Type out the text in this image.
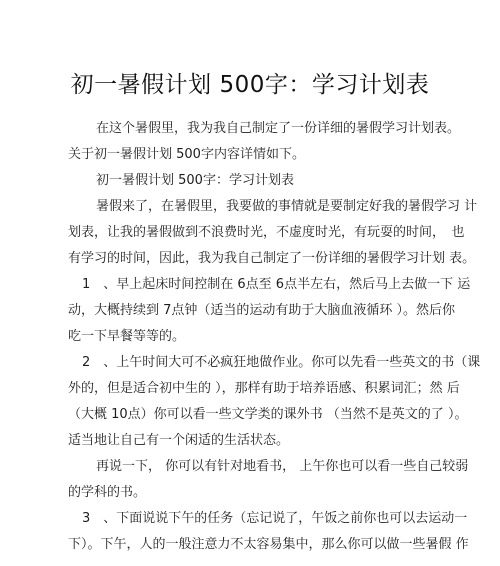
初一暑假计划 500字：学习计划表
在这个暑假里，我为我自己制定了一份详细的暑假学习计划表。
关于初一暑假计划 500字内容详情如下。
初一暑假计划 500字：学习计划表
暑假来了，在暑假里，我要做的事情就是要制定好我的暑假学习 计
划表，让我的暑假做到不浪费时光，不虚度时光，有玩耍的时间，　也
有学习的时间，因此，我为我自己制定了一份详细的暑假学习计划 表。
1　、早上起床时间控制在 6点至 6点半左右，然后马上去做一下 运
动，大概持续到 7点钟（适当的运动有助于大脑血液循环 ）。然后你
吃一下早餐等等的。
2　、上午时间大可不必疯狂地做作业。你可以先看一些英文的书（课
外的，但是适合初中生的 ），那样有助于培养语感、积累词汇；然 后
（大概 10点）你可以看一些文学类的课外书 （当然不是英文的了 ）。
适当地让自己有一个闲适的生活状态。
再说一下， 你可以有针对地看书， 上午你也可以看一些自己较弱
的学科的书。
3　、下面说说下午的任务（忘记说了，午饭之前你也可以去运动一
下）。下午，人的一般注意力不太容易集中，那么你可以做一些暑假 作
